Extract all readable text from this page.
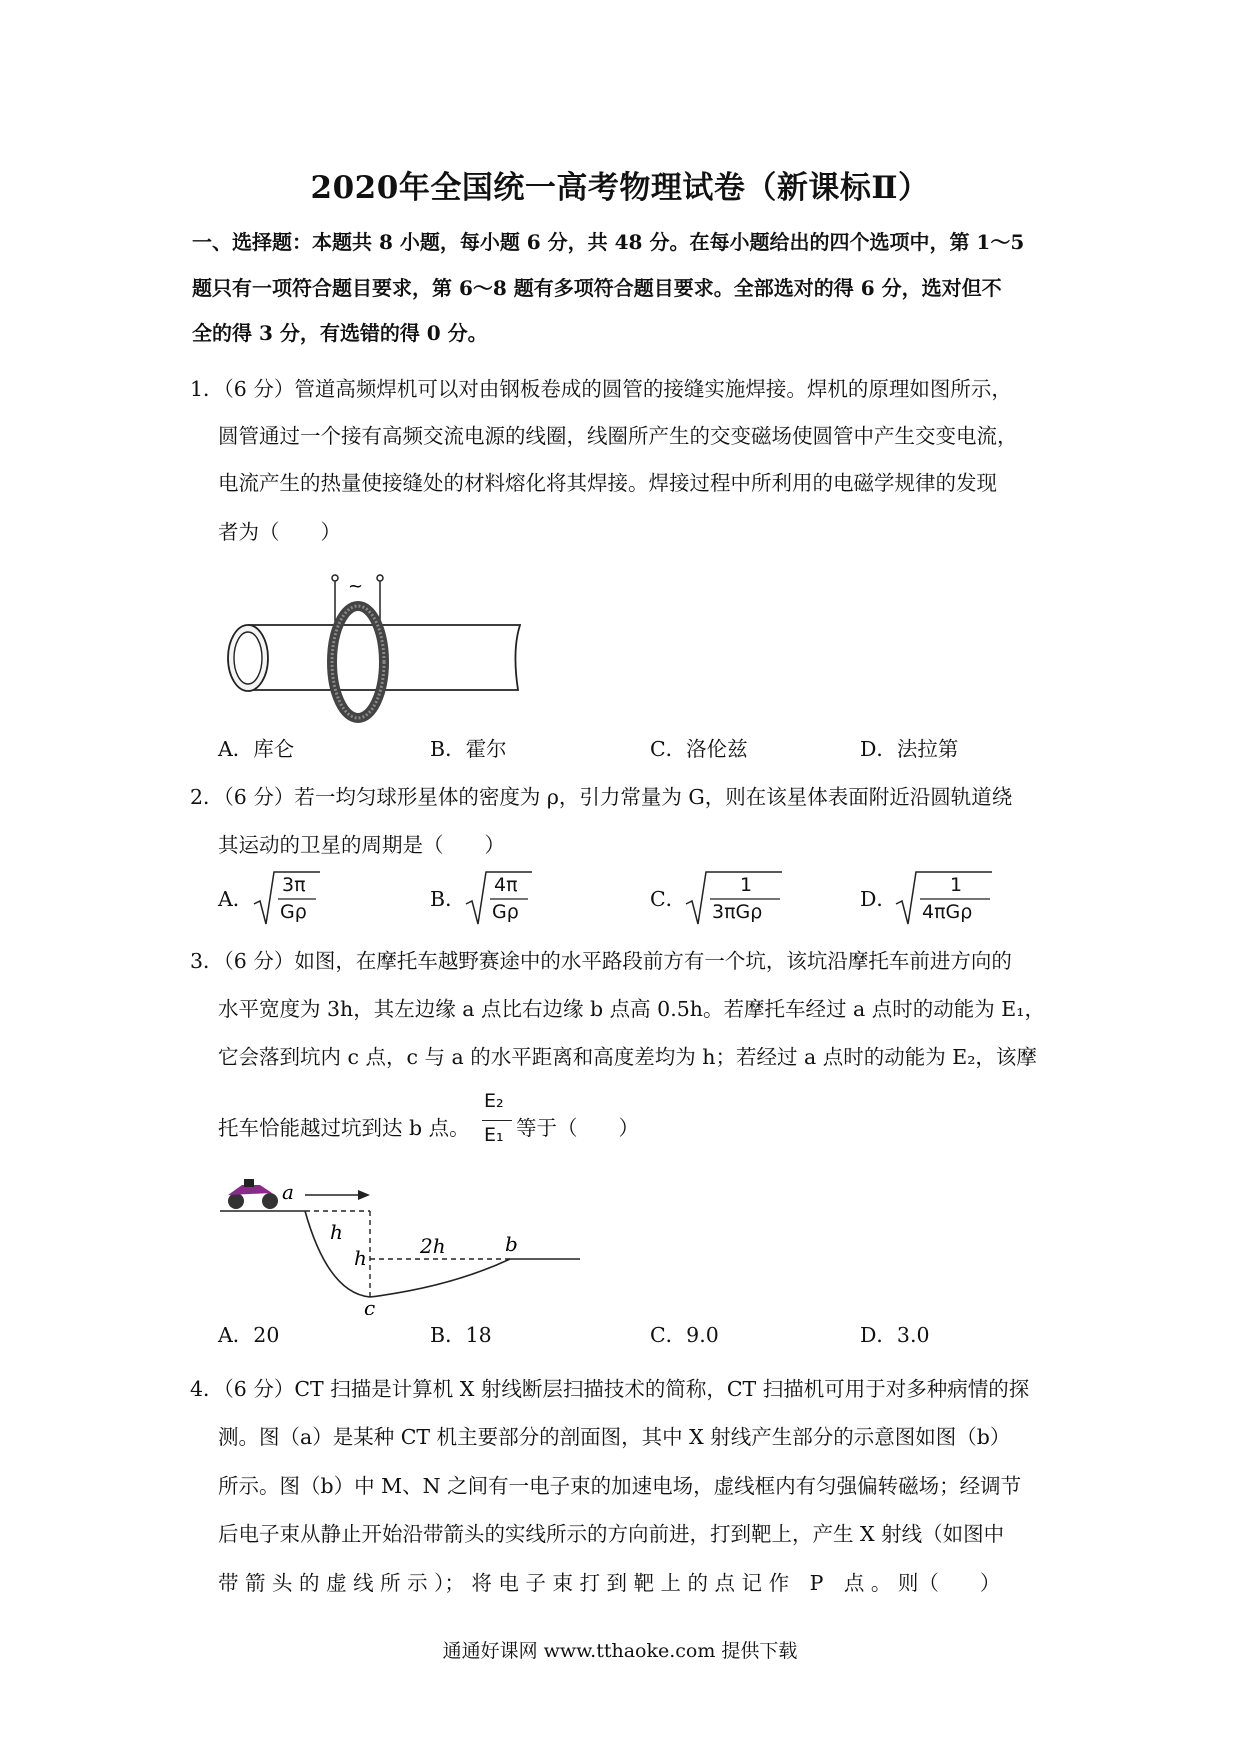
2020年全国统一高考物理试卷（新课标Ⅱ）
一、选择题：本题共 8 小题，每小题 6 分，共 48 分。在每小题给出的四个选项中，第 1～5
题只有一项符合题目要求，第 6～8 题有多项符合题目要求。全部选对的得 6 分，选对但不
全的得 3 分，有选错的得 0 分。
1．（6 分）管道高频焊机可以对由钢板卷成的圆管的接缝实施焊接。焊机的原理如图所示，
圆管通过一个接有高频交流电源的线圈，线圈所产生的交变磁场使圆管中产生交变电流，
电流产生的热量使接缝处的材料熔化将其焊接。焊接过程中所利用的电磁学规律的发现
者为（　　）
~
A．库仑	B．霍尔	C．洛伦兹	D．法拉第
2．（6 分）若一均匀球形星体的密度为 ρ，引力常量为 G，则在该星体表面附近沿圆轨道绕
其运动的卫星的周期是（　　）
A．
3π
Gρ
B．
4π
Gρ
C．
1
3πGρ
D．
1
4πGρ
3．（6 分）如图，在摩托车越野赛途中的水平路段前方有一个坑，该坑沿摩托车前进方向的
水平宽度为 3h，其左边缘 a 点比右边缘 b 点高 0.5h。若摩托车经过 a 点时的动能为 E₁，
它会落到坑内 c 点，c 与 a 的水平距离和高度差均为 h；若经过 a 点时的动能为 E₂，该摩
托车恰能越过坑到达 b 点。
E₂
E₁ 等于（　　）
a
h
h	2h	b
c
A．20	B．18	C．9.0	D．3.0
4．（6 分）CT 扫描是计算机 X 射线断层扫描技术的简称，CT 扫描机可用于对多种病情的探
测。图（a）是某种 CT 机主要部分的剖面图，其中 X 射线产生部分的示意图如图（b）
所示。图（b）中 M、N 之间有一电子束的加速电场，虚线框内有匀强偏转磁场；经调节
后电子束从静止开始沿带箭头的实线所示的方向前进，打到靶上，产生 X 射线（如图中
带 箭 头 的 虚 线 所 示 ）； 将 电 子 束 打 到 靶 上 的 点 记 作　P　点 。 则（　　）
通通好课网 www.tthaoke.com 提供下载
